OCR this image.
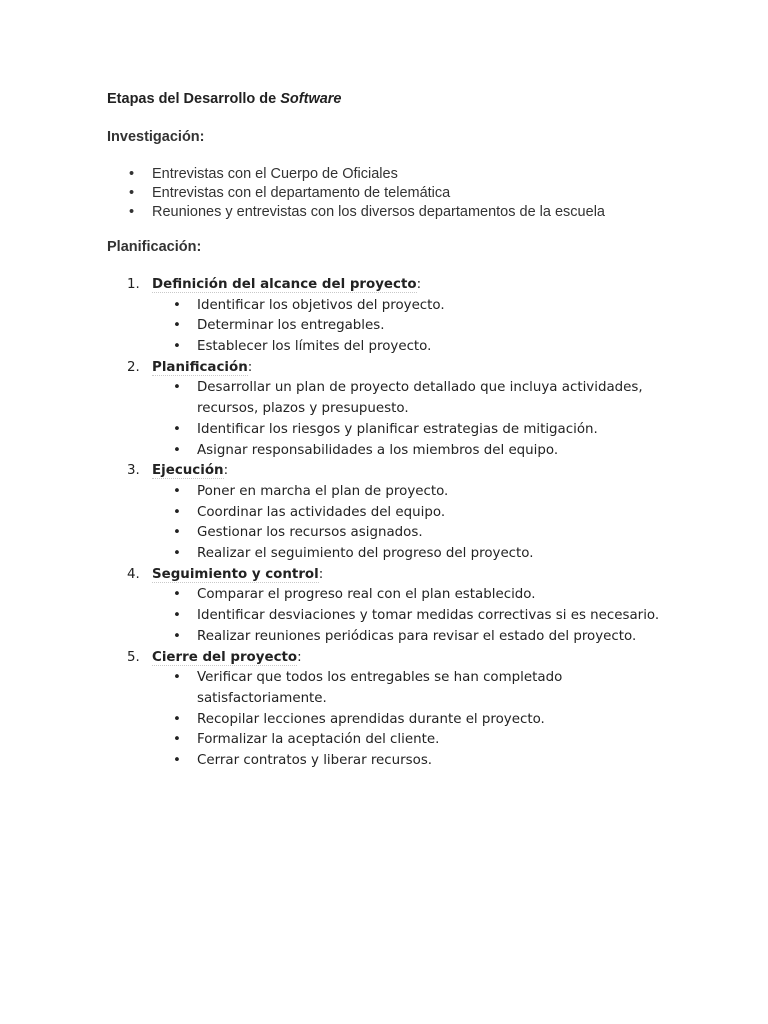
Etapas del Desarrollo de Software
Investigación:
• Entrevistas con el Cuerpo de Oficiales
• Entrevistas con el departamento de telemática
• Reuniones y entrevistas con los diversos departamentos de la escuela
Planificación:
1. Definición del alcance del proyecto:
• Identificar los objetivos del proyecto.
• Determinar los entregables.
• Establecer los límites del proyecto.
2. Planificación:
• Desarrollar un plan de proyecto detallado que incluya actividades, recursos, plazos y presupuesto.
• Identificar los riesgos y planificar estrategias de mitigación.
• Asignar responsabilidades a los miembros del equipo.
3. Ejecución:
• Poner en marcha el plan de proyecto.
• Coordinar las actividades del equipo.
• Gestionar los recursos asignados.
• Realizar el seguimiento del progreso del proyecto.
4. Seguimiento y control:
• Comparar el progreso real con el plan establecido.
• Identificar desviaciones y tomar medidas correctivas si es necesario.
• Realizar reuniones periódicas para revisar el estado del proyecto.
5. Cierre del proyecto:
• Verificar que todos los entregables se han completado satisfactoriamente.
• Recopilar lecciones aprendidas durante el proyecto.
• Formalizar la aceptación del cliente.
• Cerrar contratos y liberar recursos.
